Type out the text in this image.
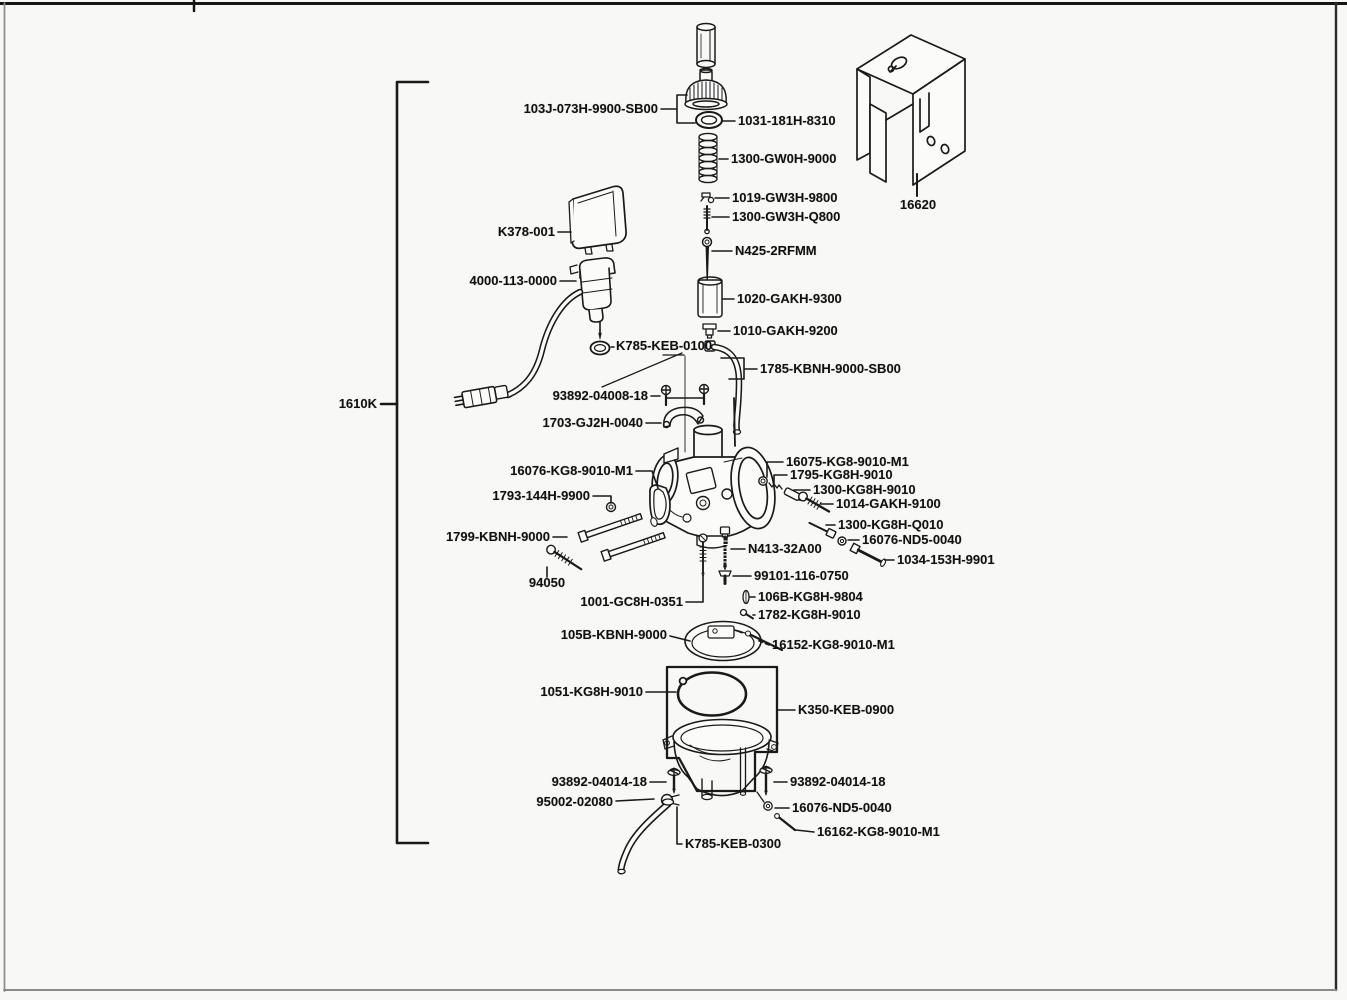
103J-073H-9900-SB00
1031-181H-8310
1300-GW0H-9000
1019-GW3H-9800
1300-GW3H-Q800
N425-2RFMM
K378-001
4000-113-0000
1020-GAKH-9300
1010-GAKH-9200
K785-KEB-0100
1785-KBNH-9000-SB00
93892-04008-18
1703-GJ2H-0040
16620
1610K
16076-KG8-9010-M1
1793-144H-9900
1799-KBNH-9000
94050
1001-GC8H-0351
16075-KG8-9010-M1
1795-KG8H-9010
1300-KG8H-9010
1014-GAKH-9100
1300-KG8H-Q010
16076-ND5-0040
1034-153H-9901
N413-32A00
99101-116-0750
106B-KG8H-9804
1782-KG8H-9010
105B-KBNH-9000
16152-KG8-9010-M1
1051-KG8H-9010
K350-KEB-0900
93892-04014-18	93892-04014-18
95002-02080	16076-ND5-0040
16162-KG8-9010-M1
K785-KEB-0300
